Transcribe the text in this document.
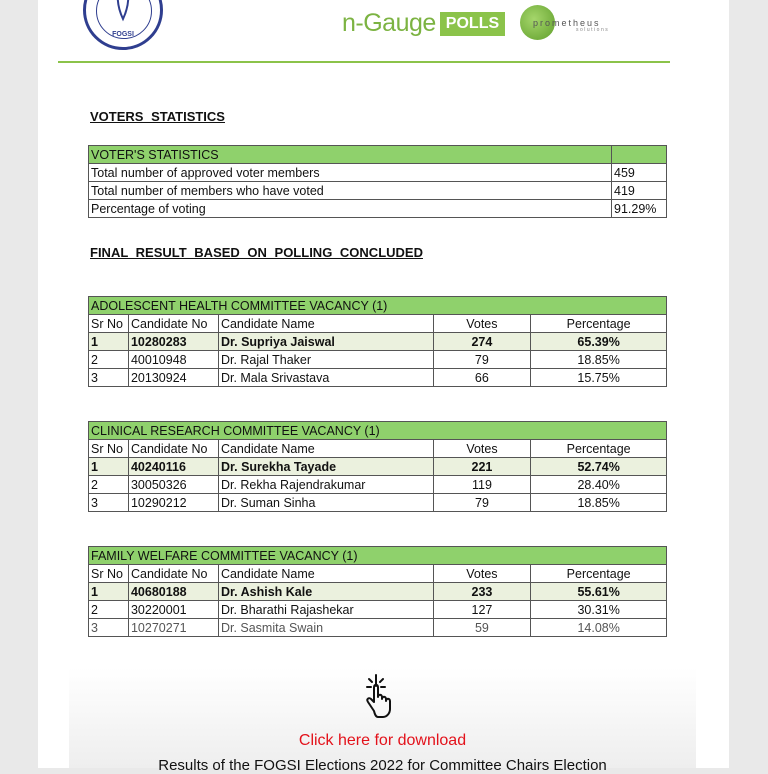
FOGSI	n-Gauge POLLS	prometheus
solutions
VOTERS STATISTICS
VOTER'S STATISTICS	
Total number of approved voter members	459
Total number of members who have voted	419
Percentage of voting	91.29%
FINAL RESULT BASED ON POLLING CONCLUDED
ADOLESCENT HEALTH COMMITTEE VACANCY (1)				
Sr No	Candidate No	Candidate Name	Votes	Percentage
1	10280283	Dr. Supriya Jaiswal	274	65.39%
2	40010948	Dr. Rajal Thaker	79	18.85%
3	20130924	Dr. Mala Srivastava	66	15.75%
CLINICAL RESEARCH COMMITTEE VACANCY (1)				
Sr No	Candidate No	Candidate Name	Votes	Percentage
1	40240116	Dr. Surekha Tayade	221	52.74%
2	30050326	Dr. Rekha Rajendrakumar	119	28.40%
3	10290212	Dr. Suman Sinha	79	18.85%
FAMILY WELFARE COMMITTEE VACANCY (1)				
Sr No	Candidate No	Candidate Name	Votes	Percentage
1	40680188	Dr. Ashish Kale	233	55.61%
2	30220001	Dr. Bharathi Rajashekar	127	30.31%
3	10270271	Dr. Sasmita Swain	59	14.08%
Click here for download
Results of the FOGSI Elections 2022 for Committee Chairs Election
